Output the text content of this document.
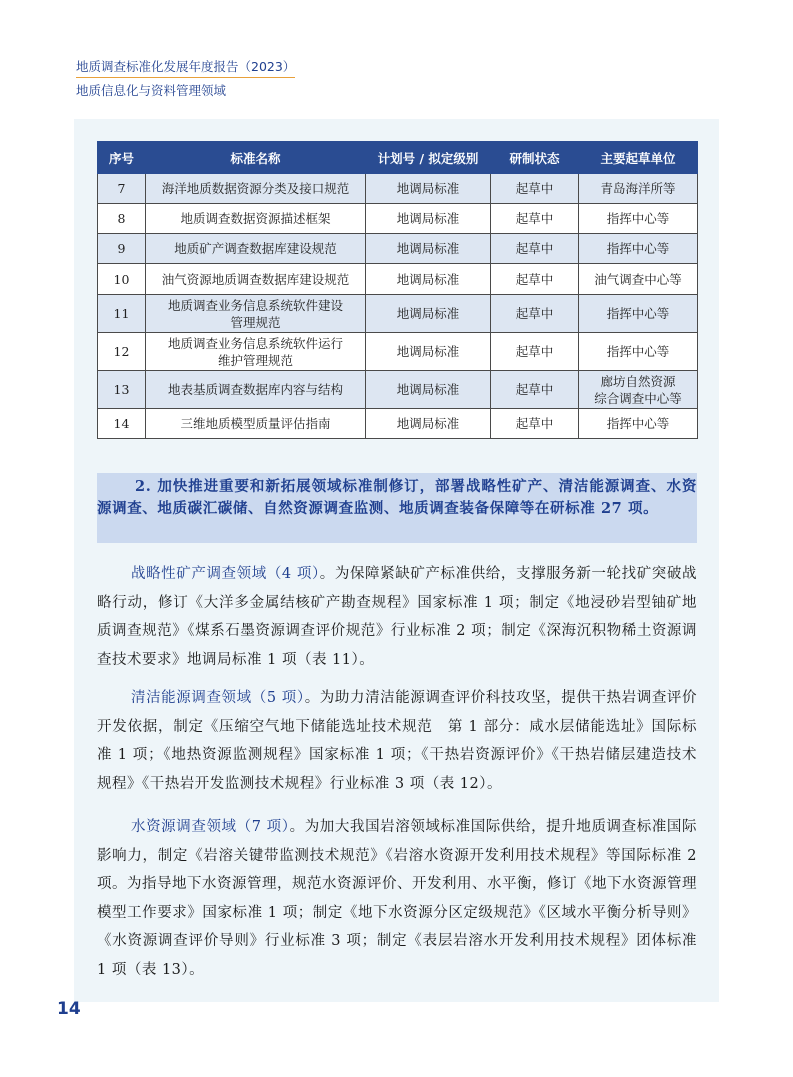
地质调查标准化发展年度报告（2023）
地质信息化与资料管理领域
序号	标准名称	计划号 / 拟定级别	研制状态	主要起草单位
7	海洋地质数据资源分类及接口规范	地调局标准	起草中	青岛海洋所等
8	地质调查数据资源描述框架	地调局标准	起草中	指挥中心等
9	地质矿产调查数据库建设规范	地调局标准	起草中	指挥中心等
10	油气资源地质调查数据库建设规范	地调局标准	起草中	油气调查中心等
11	地质调查业务信息系统软件建设
管理规范	地调局标准	起草中	指挥中心等
12	地质调查业务信息系统软件运行
维护管理规范	地调局标准	起草中	指挥中心等
13	地表基质调查数据库内容与结构	地调局标准	起草中	廊坊自然资源
综合调查中心等

14	三维地质模型质量评估指南	地调局标准	起草中	指挥中心等
2. 加快推进重要和新拓展领域标准制修订，部署战略性矿产、清洁能源调查、水资源调查、地质碳汇碳储、自然资源调查监测、地质调查装备保障等在研标准 27 项。
战略性矿产调查领域（4 项）。为保障紧缺矿产标准供给，支撑服务新一轮找矿突破战略行动，修订《大洋多金属结核矿产勘查规程》国家标准 1 项；制定《地浸砂岩型铀矿地质调查规范》《煤系石墨资源调查评价规范》行业标准 2 项；制定《深海沉积物稀土资源调查技术要求》地调局标准 1 项（表 11）。
清洁能源调查领域（5 项）。为助力清洁能源调查评价科技攻坚，提供干热岩调查评价开发依据，制定《压缩空气地下储能选址技术规范　第 1 部分：咸水层储能选址》国际标准 1 项；《地热资源监测规程》国家标准 1 项；《干热岩资源评价》《干热岩储层建造技术规程》《干热岩开发监测技术规程》行业标准 3 项（表 12）。
水资源调查领域（7 项）。为加大我国岩溶领域标准国际供给，提升地质调查标准国际影响力，制定《岩溶关键带监测技术规范》《岩溶水资源开发利用技术规程》等国际标准 2 项。为指导地下水资源管理，规范水资源评价、开发利用、水平衡，修订《地下水资源管理模型工作要求》国家标准 1 项；制定《地下水资源分区定级规范》《区域水平衡分析导则》《水资源调查评价导则》行业标准 3 项；制定《表层岩溶水开发利用技术规程》团体标准 1 项（表 13）。
14
